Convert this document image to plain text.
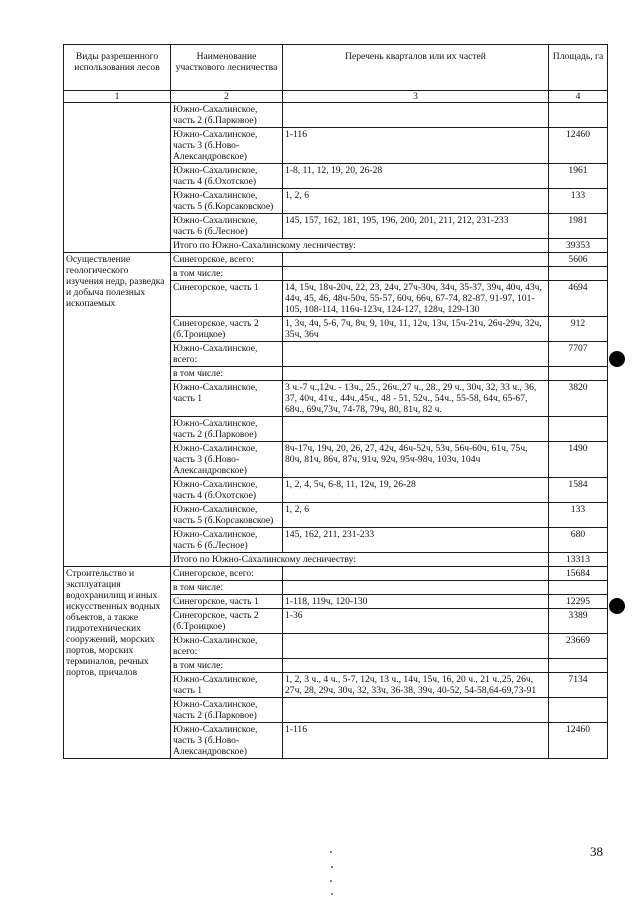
Виды разрешенного использования лесов	Наименование участкового лесничества	Перечень кварталов или их частей	Площадь, га
1	2	3	4
	Южно-Сахалинское, часть 2 (б.Парковое)		
	Южно-Сахалинское, часть 3 (б.Ново-Александровское)	1-116	12460
	Южно-Сахалинское, часть 4 (б.Охотское)	1-8, 11, 12, 19, 20, 26-28	1961
	Южно-Сахалинское, часть 5 (б.Корсаковское)	1, 2, 6	133
	Южно-Сахалинское, часть 6 (б.Лесное)	145, 157, 162, 181, 195, 196, 200, 201, 211, 212, 231-233	1981
	Итого по Южно-Сахалинскому лесничеству:		39353
Осуществление геологического изучения недр, разведка и добыча полезных ископаемых	Синегорское, всего:		5606
	в том числе:		
	Синегорское, часть 1	14, 15ч, 18ч-20ч, 22, 23, 24ч, 27ч-30ч, 34ч, 35-37, 39ч, 40ч, 43ч, 44ч, 45, 46, 48ч-50ч, 55-57, 60ч, 66ч, 67-74, 82-87, 91-97, 101-105, 108-114, 116ч-123ч, 124-127, 128ч, 129-130	4694
	Синегорское, часть 2 (б.Троицкое)	1, 3ч, 4ч, 5-6, 7ч, 8ч, 9, 10ч, 11, 12ч, 13ч, 15ч-21ч, 26ч-29ч, 32ч, 35ч, 36ч	912
	Южно-Сахалинское, всего:		7707
	в том числе:		
	Южно-Сахалинское, часть 1	3 ч.-7 ч.,12ч. - 13ч., 25., 26ч.,27 ч., 28., 29 ч., 30ч, 32, 33 ч., 36, 37, 40ч, 41ч., 44ч.,45ч., 48 - 51, 52ч., 54ч., 55-58, 64ч, 65-67, 68ч., 69ч,73ч, 74-78, 79ч, 80, 81ч, 82 ч.	3820
	Южно-Сахалинское, часть 2 (б.Парковое)		
	Южно-Сахалинское, часть 3 (б.Ново-Александровское)	8ч-17ч, 19ч, 20, 26, 27, 42ч, 46ч-52ч, 53ч, 56ч-60ч, 61ч, 75ч, 80ч, 81ч, 86ч, 87ч, 91ч, 92ч, 95ч-98ч, 103ч, 104ч	1490
	Южно-Сахалинское, часть 4 (б.Охотское)	1, 2, 4, 5ч, 6-8, 11, 12ч, 19, 26-28	1584
	Южно-Сахалинское, часть 5 (б.Корсаковское)	1, 2, 6	133
	Южно-Сахалинское, часть 6 (б.Лесное)	145, 162, 211, 231-233	680
	Итого по Южно-Сахалинскому лесничеству:		13313
Строительство и эксплуатация водохранилищ и иных искусственных водных объектов, а также гидротехнических сооружений, морских портов, морских терминалов, речных портов, причалов	Синегорское, всего:		15684
	в том числе:		
	Синегорское, часть 1	1-118, 119ч, 120-130	12295
	Синегорское, часть 2 (б.Троицкое)	1-36	3389
	Южно-Сахалинское, всего:		23669
	в том числе:		
	Южно-Сахалинское, часть 1	1, 2, 3 ч., 4 ч., 5-7, 12ч, 13 ч., 14ч, 15ч, 16, 20 ч., 21 ч.,25, 26ч, 27ч, 28, 29ч, 30ч, 32, 33ч, 36-38, 39ч, 40-52, 54-58,64-69,73-91	7134
	Южно-Сахалинское, часть 2 (б.Парковое)		
	Южно-Сахалинское, часть 3 (б.Ново-Александровское)	1-116	12460
38
